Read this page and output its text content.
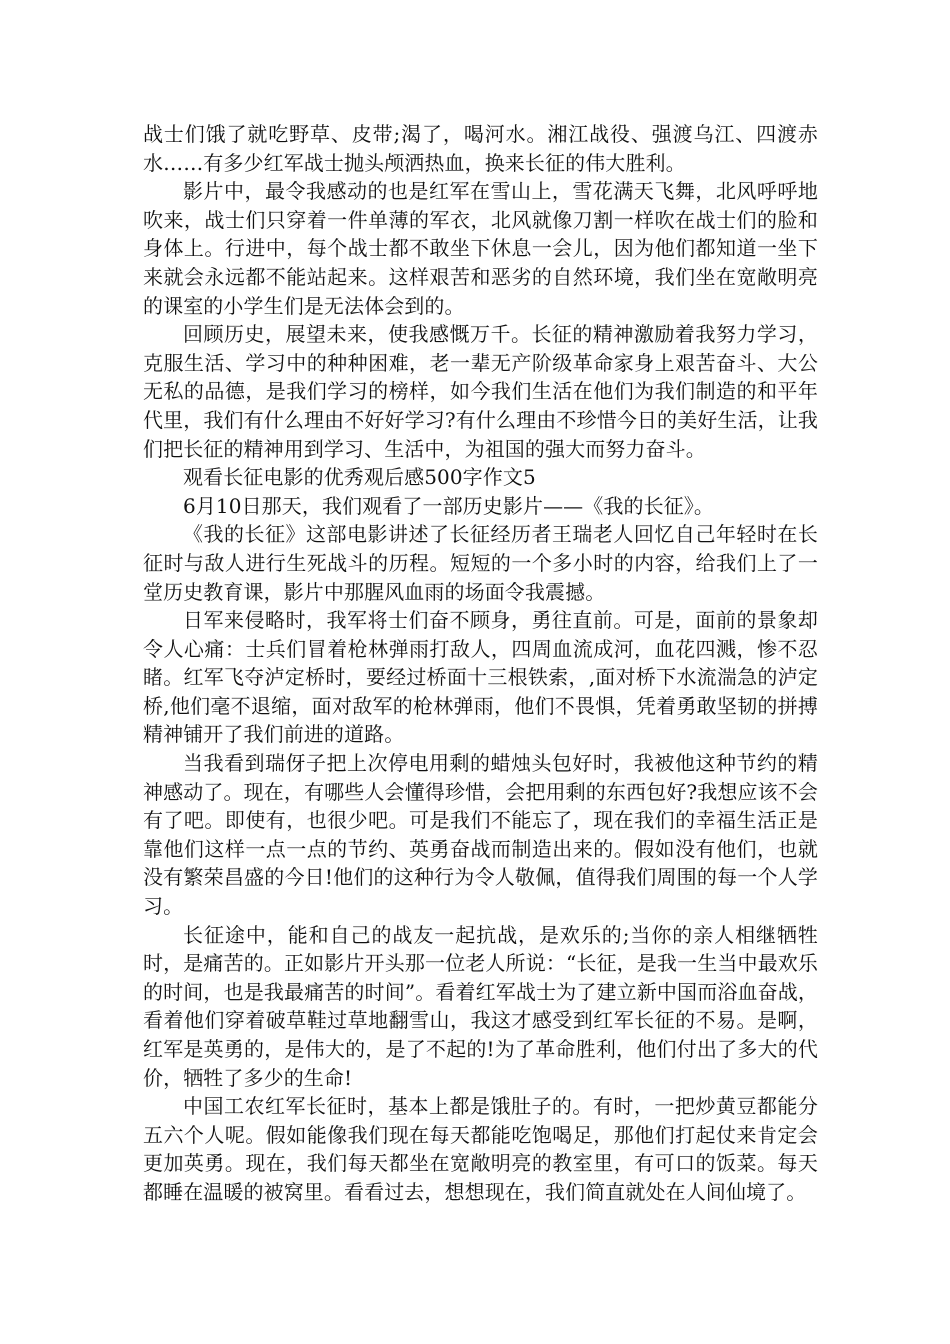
战士们饿了就吃野草、皮带;渴了，喝河水。湘江战役、强渡乌江、四渡赤水……有多少红军战士抛头颅洒热血，换来长征的伟大胜利。

影片中，最令我感动的也是红军在雪山上，雪花满天飞舞，北风呼呼地吹来，战士们只穿着一件单薄的军衣，北风就像刀割一样吹在战士们的脸和身体上。行进中，每个战士都不敢坐下休息一会儿，因为他们都知道一坐下来就会永远都不能站起来。这样艰苦和恶劣的自然环境，我们坐在宽敞明亮的课室的小学生们是无法体会到的。

回顾历史，展望未来，使我感慨万千。长征的精神激励着我努力学习，克服生活、学习中的种种困难，老一辈无产阶级革命家身上艰苦奋斗、大公无私的品德，是我们学习的榜样，如今我们生活在他们为我们制造的和平年代里，我们有什么理由不好好学习?有什么理由不珍惜今日的美好生活，让我们把长征的精神用到学习、生活中，为祖国的强大而努力奋斗。

观看长征电影的优秀观后感500字作文5

6月10日那天，我们观看了一部历史影片——《我的长征》。

《我的长征》这部电影讲述了长征经历者王瑞老人回忆自己年轻时在长征时与敌人进行生死战斗的历程。短短的一个多小时的内容，给我们上了一堂历史教育课，影片中那腥风血雨的场面令我震撼。

日军来侵略时，我军将士们奋不顾身，勇往直前。可是，面前的景象却令人心痛：士兵们冒着枪林弹雨打敌人，四周血流成河，血花四溅，惨不忍睹。红军飞夺泸定桥时，要经过桥面十三根铁索，,面对桥下水流湍急的泸定桥,他们毫不退缩，面对敌军的枪林弹雨，他们不畏惧，凭着勇敢坚韧的拼搏精神铺开了我们前进的道路。

当我看到瑞伢子把上次停电用剩的蜡烛头包好时，我被他这种节约的精神感动了。现在，有哪些人会懂得珍惜，会把用剩的东西包好?我想应该不会有了吧。即使有，也很少吧。可是我们不能忘了，现在我们的幸福生活正是靠他们这样一点一点的节约、英勇奋战而制造出来的。假如没有他们，也就没有繁荣昌盛的今日!他们的这种行为令人敬佩，值得我们周围的每一个人学习。

长征途中，能和自己的战友一起抗战，是欢乐的;当你的亲人相继牺牲时，是痛苦的。正如影片开头那一位老人所说：“长征，是我一生当中最欢乐的时间，也是我最痛苦的时间”。看着红军战士为了建立新中国而浴血奋战，看着他们穿着破草鞋过草地翻雪山，我这才感受到红军长征的不易。是啊，红军是英勇的，是伟大的，是了不起的!为了革命胜利，他们付出了多大的代价，牺牲了多少的生命!

中国工农红军长征时，基本上都是饿肚子的。有时，一把炒黄豆都能分五六个人呢。假如能像我们现在每天都能吃饱喝足，那他们打起仗来肯定会更加英勇。现在，我们每天都坐在宽敞明亮的教室里，有可口的饭菜。每天都睡在温暖的被窝里。看看过去，想想现在，我们简直就处在人间仙境了。
